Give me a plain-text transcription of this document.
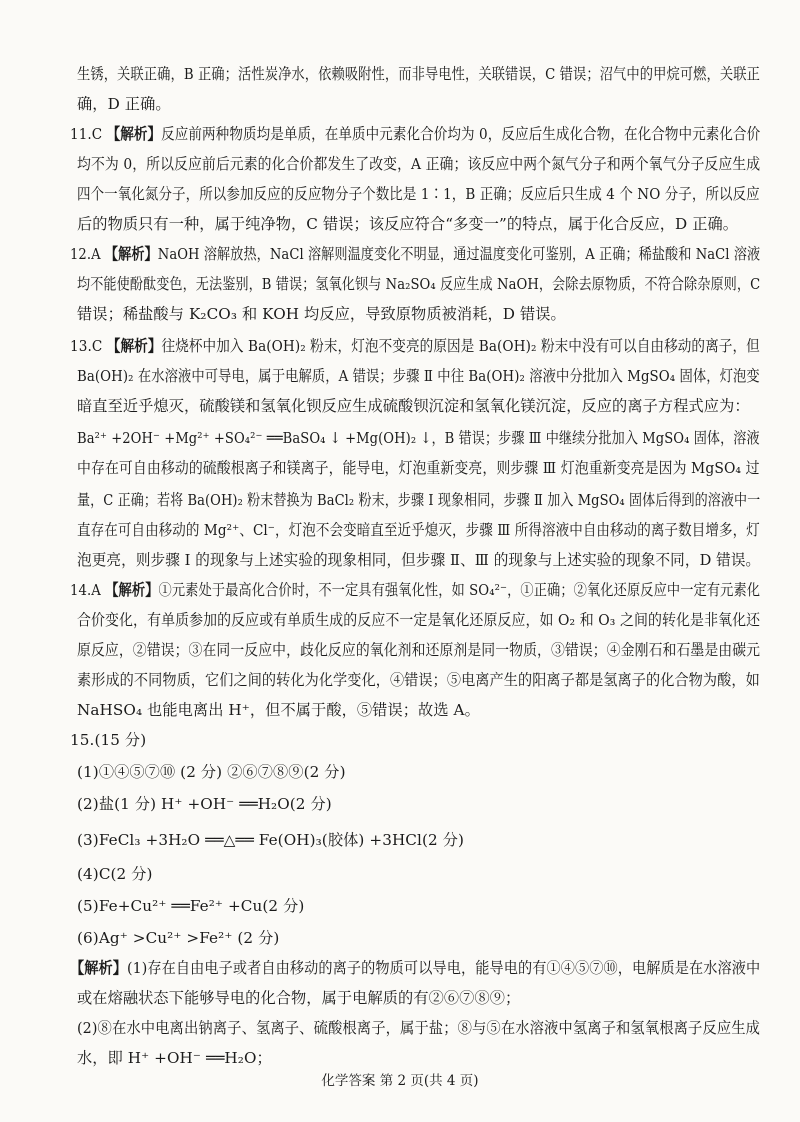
生锈，关联正确，B 正确；活性炭净水，依赖吸附性，而非导电性，关联错误，C 错误；沼气中的甲烷可燃，关联正
确，D 正确。
11.C 【解析】反应前两种物质均是单质，在单质中元素化合价均为 0，反应后生成化合物，在化合物中元素化合价
均不为 0，所以反应前后元素的化合价都发生了改变，A 正确；该反应中两个氮气分子和两个氧气分子反应生成
四个一氧化氮分子，所以参加反应的反应物分子个数比是 1∶1，B 正确；反应后只生成 4 个 NO 分子，所以反应
后的物质只有一种，属于纯净物，C 错误；该反应符合“多变一”的特点，属于化合反应，D 正确。
12.A 【解析】NaOH 溶解放热，NaCl 溶解则温度变化不明显，通过温度变化可鉴别，A 正确；稀盐酸和 NaCl 溶液
均不能使酚酞变色，无法鉴别，B 错误；氢氧化钡与 Na₂SO₄ 反应生成 NaOH，会除去原物质，不符合除杂原则，C
错误；稀盐酸与 K₂CO₃ 和 KOH 均反应，导致原物质被消耗，D 错误。
13.C 【解析】往烧杯中加入 Ba(OH)₂ 粉末，灯泡不变亮的原因是 Ba(OH)₂ 粉末中没有可以自由移动的离子，但
Ba(OH)₂ 在水溶液中可导电，属于电解质，A 错误；步骤 Ⅱ 中往 Ba(OH)₂ 溶液中分批加入 MgSO₄ 固体，灯泡变
暗直至近乎熄灭，硫酸镁和氢氧化钡反应生成硫酸钡沉淀和氢氧化镁沉淀，反应的离子方程式应为：
Ba²⁺ +2OH⁻ +Mg²⁺ +SO₄²⁻ ══BaSO₄ ↓ +Mg(OH)₂ ↓，B 错误；步骤 Ⅲ 中继续分批加入 MgSO₄ 固体，溶液
中存在可自由移动的硫酸根离子和镁离子，能导电，灯泡重新变亮，则步骤 Ⅲ 灯泡重新变亮是因为 MgSO₄ 过
量，C 正确；若将 Ba(OH)₂ 粉末替换为 BaCl₂ 粉末，步骤 Ⅰ 现象相同，步骤 Ⅱ 加入 MgSO₄ 固体后得到的溶液中一
直存在可自由移动的 Mg²⁺、Cl⁻，灯泡不会变暗直至近乎熄灭，步骤 Ⅲ 所得溶液中自由移动的离子数目增多，灯
泡更亮，则步骤 Ⅰ 的现象与上述实验的现象相同，但步骤 Ⅱ、Ⅲ 的现象与上述实验的现象不同，D 错误。
14.A 【解析】①元素处于最高化合价时，不一定具有强氧化性，如 SO₄²⁻，①正确；②氧化还原反应中一定有元素化
合价变化，有单质参加的反应或有单质生成的反应不一定是氧化还原反应，如 O₂ 和 O₃ 之间的转化是非氧化还
原反应，②错误；③在同一反应中，歧化反应的氧化剂和还原剂是同一物质，③错误；④金刚石和石墨是由碳元
素形成的不同物质，它们之间的转化为化学变化，④错误；⑤电离产生的阳离子都是氢离子的化合物为酸，如
NaHSO₄ 也能电离出 H⁺，但不属于酸，⑤错误；故选 A。
15.(15 分)
(1)①④⑤⑦⑩ (2 分) ②⑥⑦⑧⑨(2 分)
(2)盐(1 分) H⁺ +OH⁻ ══H₂O(2 分)
(3)FeCl₃ +3H₂O ══△══ Fe(OH)₃(胶体) +3HCl(2 分)
(4)C(2 分)
(5)Fe+Cu²⁺ ══Fe²⁺ +Cu(2 分)
(6)Ag⁺ >Cu²⁺ >Fe²⁺ (2 分)
【解析】(1)存在自由电子或者自由移动的离子的物质可以导电，能导电的有①④⑤⑦⑩，电解质是在水溶液中
或在熔融状态下能够导电的化合物，属于电解质的有②⑥⑦⑧⑨；
(2)⑧在水中电离出钠离子、氢离子、硫酸根离子，属于盐；⑧与⑤在水溶液中氢离子和氢氧根离子反应生成
水，即 H⁺ +OH⁻ ══H₂O；
化学答案 第 2 页(共 4 页)
